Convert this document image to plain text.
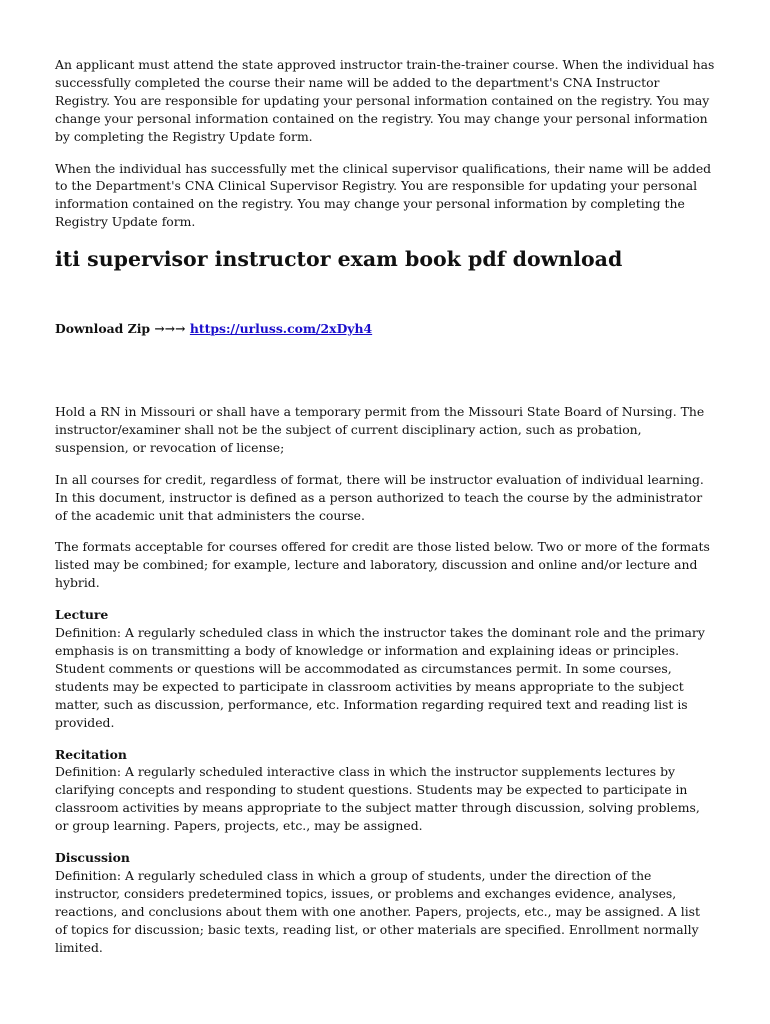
An applicant must attend the state approved instructor train-the-trainer course. When the individual has successfully completed the course their name will be added to the department's CNA Instructor Registry. You are responsible for updating your personal information contained on the registry. You may change your personal information contained on the registry. You may change your personal information by completing the Registry Update form.

When the individual has successfully met the clinical supervisor qualifications, their name will be added to the Department's CNA Clinical Supervisor Registry. You are responsible for updating your personal information contained on the registry. You may change your personal information by completing the Registry Update form.

iti supervisor instructor exam book pdf download
Download Zip →→→ https://urluss.com/2xDyh4

Hold a RN in Missouri or shall have a temporary permit from the Missouri State Board of Nursing. The instructor/examiner shall not be the subject of current disciplinary action, such as probation, suspension, or revocation of license;

In all courses for credit, regardless of format, there will be instructor evaluation of individual learning. In this document, instructor is defined as a person authorized to teach the course by the administrator of the academic unit that administers the course.

The formats acceptable for courses offered for credit are those listed below. Two or more of the formats listed may be combined; for example, lecture and laboratory, discussion and online and/or lecture and hybrid.

Lecture

Definition: A regularly scheduled class in which the instructor takes the dominant role and the primary emphasis is on transmitting a body of knowledge or information and explaining ideas or principles. Student comments or questions will be accommodated as circumstances permit. In some courses, students may be expected to participate in classroom activities by means appropriate to the subject matter, such as discussion, performance, etc. Information regarding required text and reading list is provided.

Recitation

Definition: A regularly scheduled interactive class in which the instructor supplements lectures by clarifying concepts and responding to student questions. Students may be expected to participate in classroom activities by means appropriate to the subject matter through discussion, solving problems, or group learning. Papers, projects, etc., may be assigned.

Discussion

Definition: A regularly scheduled class in which a group of students, under the direction of the instructor, considers predetermined topics, issues, or problems and exchanges evidence, analyses, reactions, and conclusions about them with one another. Papers, projects, etc., may be assigned. A list of topics for discussion; basic texts, reading list, or other materials are specified. Enrollment normally limited.
